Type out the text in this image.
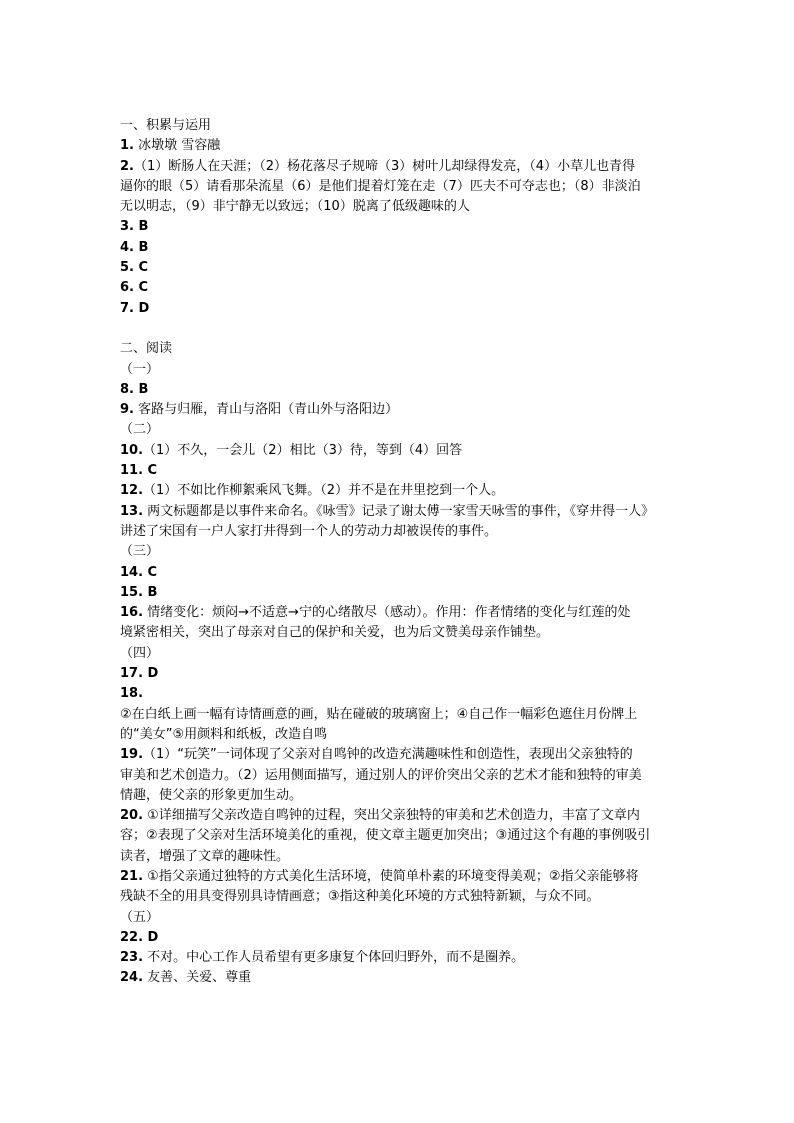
一、积累与运用
1. 冰墩墩 雪容融
2.（1）断肠人在天涯；（2）杨花落尽子规啼（3）树叶儿却绿得发亮，（4）小草儿也青得
逼你的眼（5）请看那朵流星（6）是他们提着灯笼在走（7）匹夫不可夺志也；（8）非淡泊
无以明志，（9）非宁静无以致远；（10）脱离了低级趣味的人
3. B
4. B
5. C
6. C
7. D
二、阅读
（一）
8. B
9. 客路与归雁，青山与洛阳（青山外与洛阳边）
（二）
10.（1）不久，一会儿（2）相比（3）待，等到（4）回答
11. C
12.（1）不如比作柳絮乘风飞舞。（2）并不是在井里挖到一个人。
13. 两文标题都是以事件来命名。《咏雪》记录了谢太傅一家雪天咏雪的事件，《穿井得一人》
讲述了宋国有一户人家打井得到一个人的劳动力却被误传的事件。
（三）
14. C
15. B
16. 情绪变化：烦闷→不适意→宁的心绪散尽（感动）。作用：作者情绪的变化与红莲的处
境紧密相关，突出了母亲对自己的保护和关爱，也为后文赞美母亲作铺垫。
（四）
17. D
18.
②在白纸上画一幅有诗情画意的画，贴在碰破的玻璃窗上；④自己作一幅彩色遮住月份牌上
的“美女”⑤用颜料和纸板，改造自鸣
19.（1）“玩笑”一词体现了父亲对自鸣钟的改造充满趣味性和创造性，表现出父亲独特的
审美和艺术创造力。（2）运用侧面描写，通过别人的评价突出父亲的艺术才能和独特的审美
情趣，使父亲的形象更加生动。
20. ①详细描写父亲改造自鸣钟的过程，突出父亲独特的审美和艺术创造力，丰富了文章内
容；②表现了父亲对生活环境美化的重视，使文章主题更加突出；③通过这个有趣的事例吸引
读者，增强了文章的趣味性。
21. ①指父亲通过独特的方式美化生活环境，使简单朴素的环境变得美观；②指父亲能够将
残缺不全的用具变得别具诗情画意；③指这种美化环境的方式独特新颖，与众不同。
（五）
22. D
23. 不对。中心工作人员希望有更多康复个体回归野外，而不是圈养。
24. 友善、关爱、尊重
